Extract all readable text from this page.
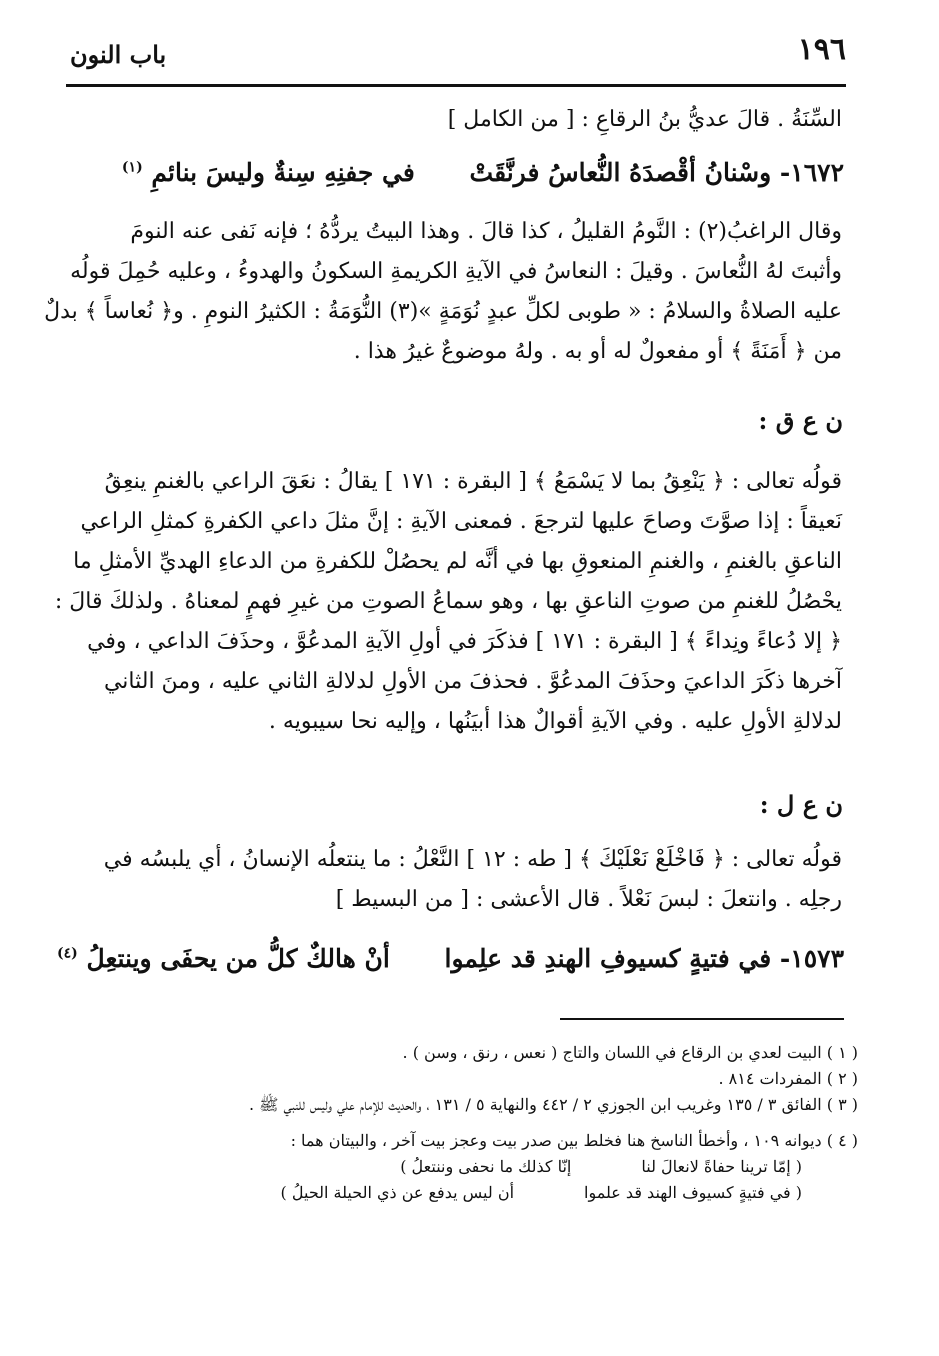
١٩٦
باب النون
السِّنَةُ . قالَ عديُّ بنُ الرقاعِ : [ من الكامل ]
١٦٧٢- وسْنانُ أقْصدَهُ النُّعاسُ فرنَّقَتْ في جفنِهِ سِنةٌ وليسَ بنائمِ $^{(١)}$
وقال الراغبُ(٢) : النَّومُ القليلُ ، كذا قالَ . وهذا البيتُ يردُّهُ ؛ فإنه نَفى عنه النومَ
وأثبتَ لهُ النُّعاسَ . وقيلَ : النعاسُ في الآيةِ الكريمةِ السكونُ والهدوءُ ، وعليه حُمِلَ قولُه
عليه الصلاةُ والسلامُ : « طوبى لكلِّ عبدٍ نُوَمَةٍ »(٣) النُّوَمَةُ : الكثيرُ النومِ . و﴿ نُعاساً ﴾ بدلٌ
من ﴿ أَمَنَةً ﴾ أو مفعولٌ له أو به . ولهُ موضوعٌ غيرُ هذا .
ن ع ق :
قولُه تعالى : ﴿ يَنْعِقُ بما لا يَسْمَعُ ﴾ [ البقرة : ١٧١ ] يقالُ : نعَقَ الراعي بالغنمِ ينعِقُ
نَعيقاً : إذا صوَّتَ وصاحَ عليها لترجعَ . فمعنى الآيةِ : إنَّ مثلَ داعي الكفرةِ كمثلِ الراعي
الناعقِ بالغنمِ ، والغنمِ المنعوقِ بها في أنَّه لم يحصُلْ للكفرةِ من الدعاءِ الهديِّ الأمثلِ ما
يحْصُلُ للغنمِ من صوتِ الناعقِ بها ، وهو سماعُ الصوتِ من غيرِ فهمٍ لمعناهُ . ولذلكَ قالَ :
﴿ إلا دُعاءً ونِداءً ﴾ [ البقرة : ١٧١ ] فذكَرَ في أولِ الآيةِ المدعُوَّ ، وحذَفَ الداعي ، وفي
آخرها ذكَرَ الداعيَ وحذَفَ المدعُوَّ . فحذفَ من الأولِ لدلالةِ الثاني عليه ، ومنَ الثاني
لدلالةِ الأولِ عليه . وفي الآيةِ أقوالٌ هذا أبيَنُها ، وإليه نحا سيبويه .
ن ع ل :
قولُه تعالى : ﴿ فَاخْلَعْ نَعْلَيْكَ ﴾ [ طه : ١٢ ] النَّعْلُ : ما ينتعلُه الإنسانُ ، أي يلبسُه في
رجلِه . وانتعلَ : لبسَ نَعْلاً . قال الأعشى : [ من البسيط ]
١٥٧٣- في فتيةٍ كسيوفِ الهندِ قد علِموا أنْ هالكٌ كلُّ من يحفَى وينتعِلُ $^{(٤)}$
( ١ ) البيت لعدي بن الرقاع في اللسان والتاج ( نعس ، رنق ، وسن ) .
( ٢ ) المفردات ٨١٤ .
( ٣ ) الفائق ٣ / ١٣٥ وغريب ابن الجوزي ٢ / ٤٤٢ والنهاية ٥ / ١٣١ ، والحديث للإمام علي وليس للنبي ﷺ .
( ٤ ) ديوانه ١٠٩ ، وأخطأ الناسخ هنا فخلط بين صدر بيت وعجز بيت آخر ، والبيتان هما :
( إمّا ترينا حفاةً لانعالَ لناإنّا كذلك ما نحفى وننتعلُ )
( في فتيةٍ كسيوف الهند قد علمواأن ليس يدفع عن ذي الحيلة الحيلُ )
